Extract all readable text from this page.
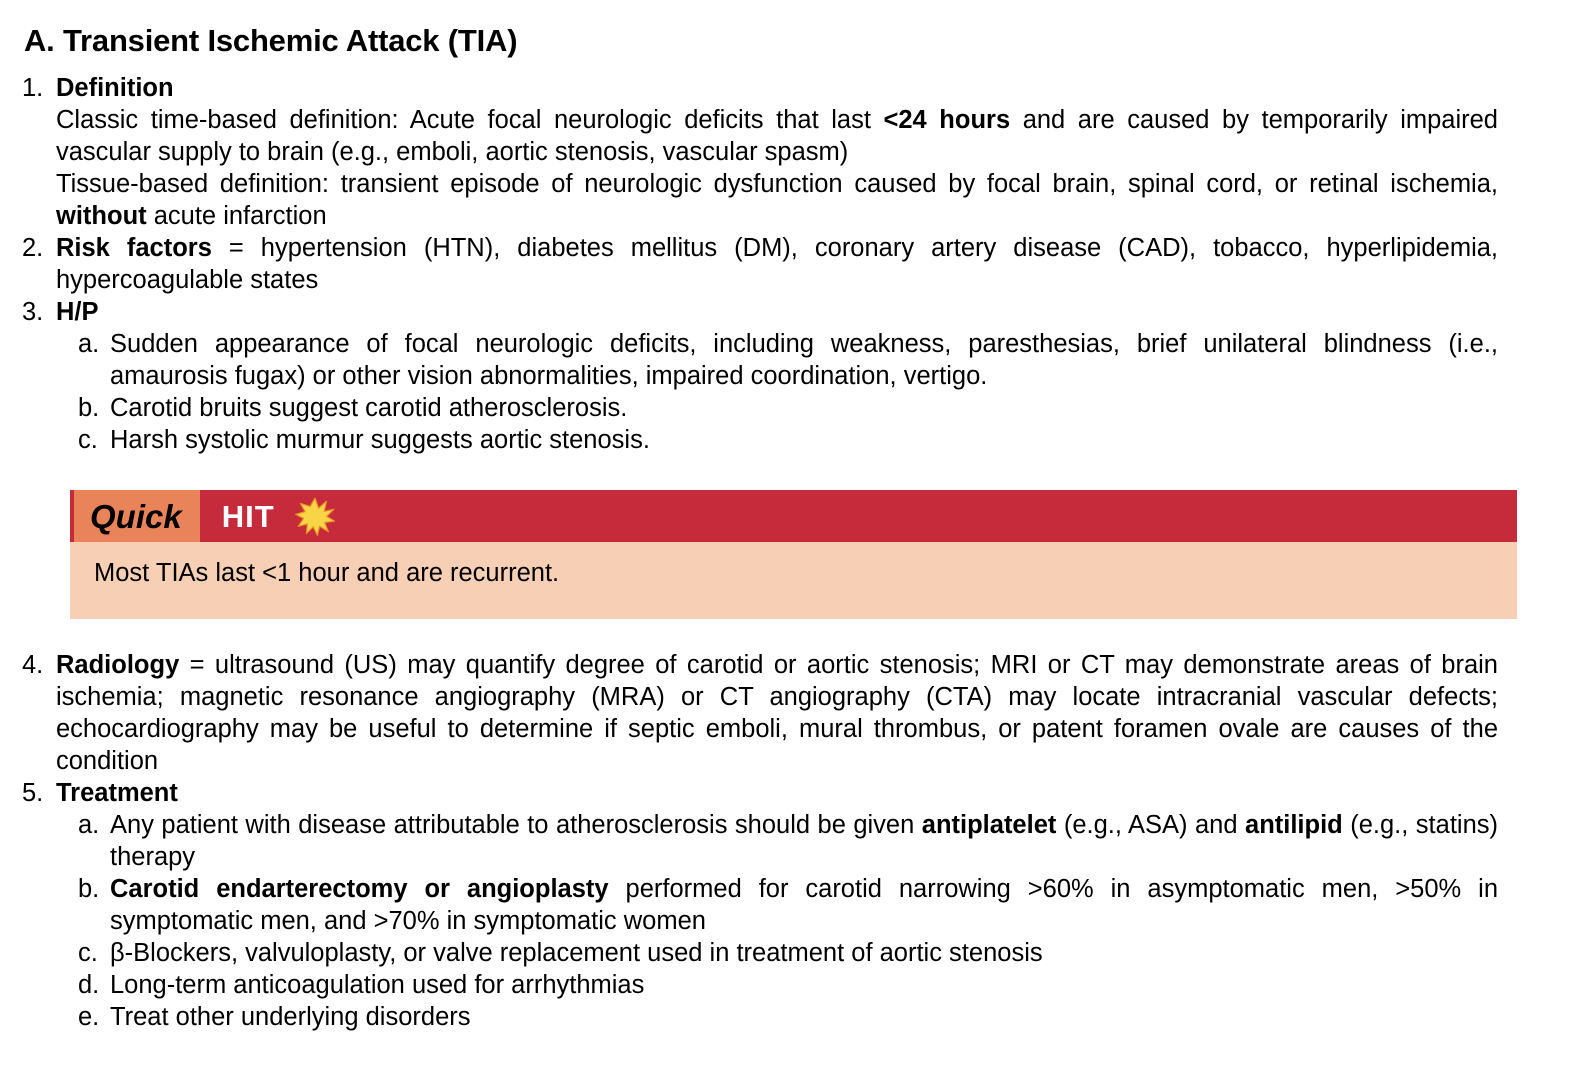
A. Transient Ischemic Attack (TIA)
1. Definition
Classic time-based definition: Acute focal neurologic deficits that last <24 hours and are caused by temporarily impaired vascular supply to brain (e.g., emboli, aortic stenosis, vascular spasm)
Tissue-based definition: transient episode of neurologic dysfunction caused by focal brain, spinal cord, or retinal ischemia, without acute infarction
2. Risk factors = hypertension (HTN), diabetes mellitus (DM), coronary artery disease (CAD), tobacco, hyperlipidemia, hypercoagulable states
3. H/P
a. Sudden appearance of focal neurologic deficits, including weakness, paresthesias, brief unilateral blindness (i.e., amaurosis fugax) or other vision abnormalities, impaired coordination, vertigo.
b. Carotid bruits suggest carotid atherosclerosis.
c. Harsh systolic murmur suggests aortic stenosis.
Quick HIT
Most TIAs last <1 hour and are recurrent.
4. Radiology = ultrasound (US) may quantify degree of carotid or aortic stenosis; MRI or CT may demonstrate areas of brain ischemia; magnetic resonance angiography (MRA) or CT angiography (CTA) may locate intracranial vascular defects; echocardiography may be useful to determine if septic emboli, mural thrombus, or patent foramen ovale are causes of the condition
5. Treatment
a. Any patient with disease attributable to atherosclerosis should be given antiplatelet (e.g., ASA) and antilipid (e.g., statins) therapy
b. Carotid endarterectomy or angioplasty performed for carotid narrowing >60% in asymptomatic men, >50% in symptomatic men, and >70% in symptomatic women
c. β-Blockers, valvuloplasty, or valve replacement used in treatment of aortic stenosis
d. Long-term anticoagulation used for arrhythmias
e. Treat other underlying disorders
